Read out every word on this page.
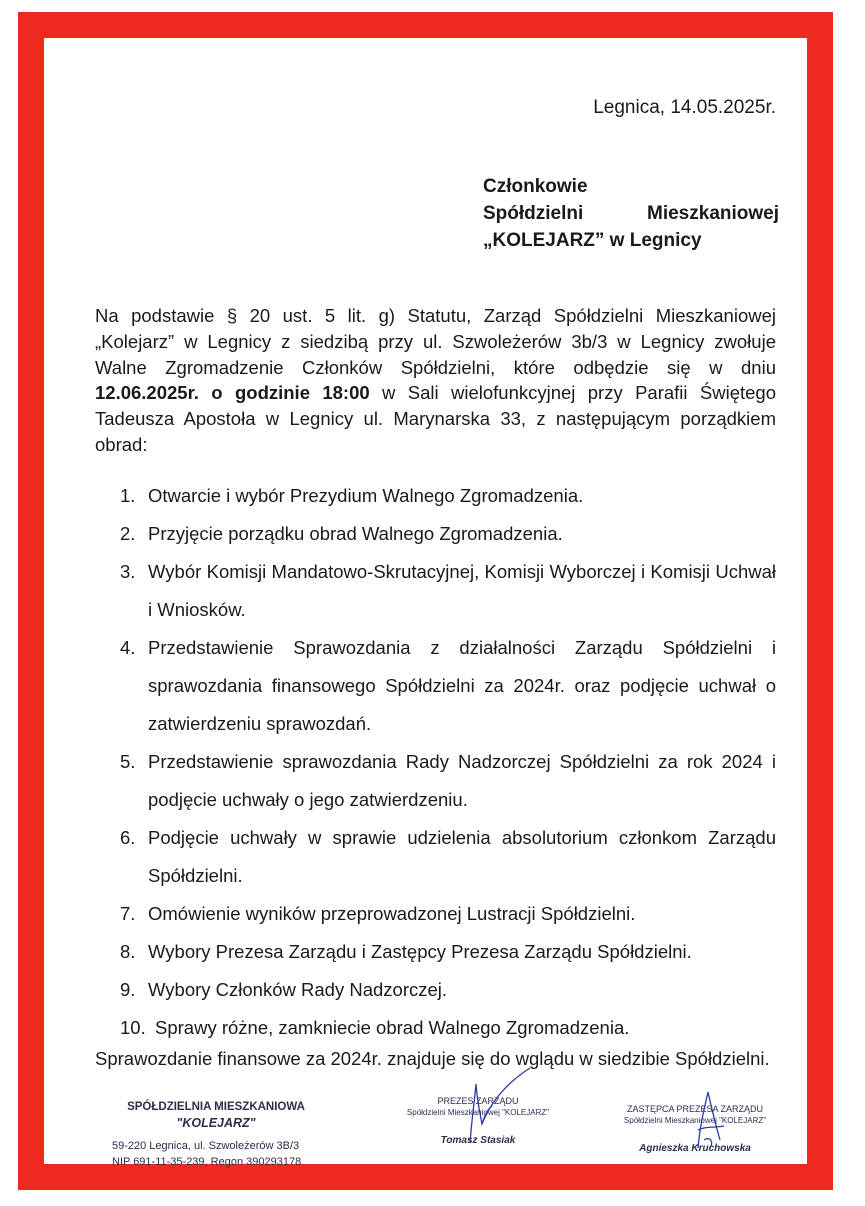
Legnica, 14.05.2025r.
Członkowie
Spółdzielni Mieszkaniowej
„KOLEJARZ” w Legnicy
Na podstawie § 20 ust. 5 lit. g) Statutu, Zarząd Spółdzielni Mieszkaniowej „Kolejarz” w Legnicy z siedzibą przy ul. Szwoleżerów 3b/3 w Legnicy zwołuje Walne Zgromadzenie Członków Spółdzielni, które odbędzie się w dniu 12.06.2025r. o godzinie 18:00 w Sali wielofunkcyjnej przy Parafii Świętego Tadeusza Apostoła w Legnicy ul. Marynarska 33, z następującym porządkiem obrad:
1. Otwarcie i wybór Prezydium Walnego Zgromadzenia.
2. Przyjęcie porządku obrad Walnego Zgromadzenia.
3. Wybór Komisji Mandatowo-Skrutacyjnej, Komisji Wyborczej i Komisji Uchwał i Wniosków.
4. Przedstawienie Sprawozdania z działalności Zarządu Spółdzielni i sprawozdania finansowego Spółdzielni za 2024r. oraz podjęcie uchwał o zatwierdzeniu sprawozdań.
5. Przedstawienie sprawozdania Rady Nadzorczej Spółdzielni za rok 2024 i podjęcie uchwały o jego zatwierdzeniu.
6. Podjęcie uchwały w sprawie udzielenia absolutorium członkom Zarządu Spółdzielni.
7. Omówienie wyników przeprowadzonej Lustracji Spółdzielni.
8. Wybory Prezesa Zarządu i Zastępcy Prezesa Zarządu Spółdzielni.
9. Wybory Członków Rady Nadzorczej.
10. Sprawy różne, zamkniecie obrad Walnego Zgromadzenia.
Sprawozdanie finansowe za 2024r. znajduje się do wglądu w siedzibie Spółdzielni.
SPÓŁDZIELNIA MIESZKANIOWA
"KOLEJARZ"
59-220 Legnica, ul. Szwoleżerów 3B/3
NIP 691-11-35-239, Regon 390293178
PREZES ZARZĄDU
Spółdzielni Mieszkaniowej "KOLEJARZ"
Tomasz Stasiak
ZASTĘPCA PREZESA ZARZĄDU
Spółdzielni Mieszkaniowej "KOLEJARZ"
Agnieszka Kruchowska
